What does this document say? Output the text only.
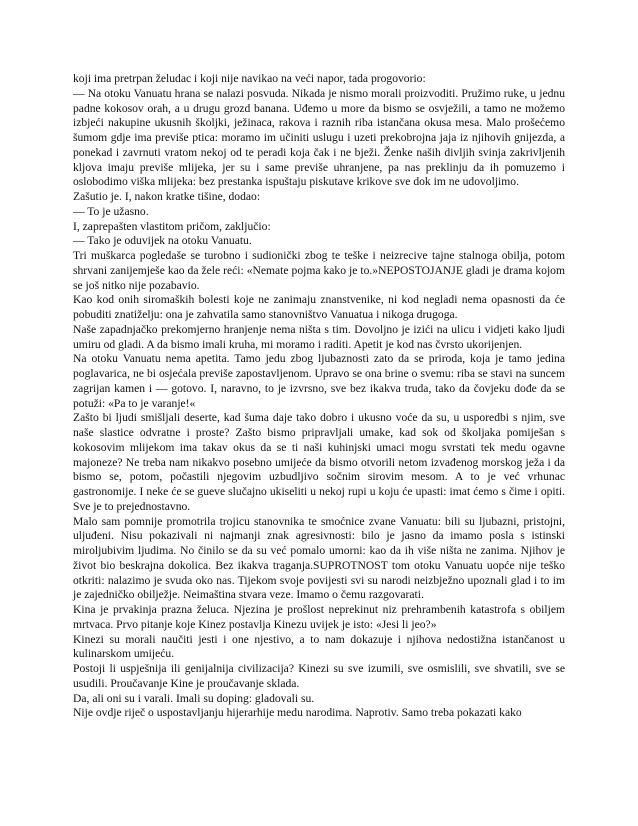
koji ima pretrpan želudac i koji nije navikao na veći napor, tada progovorio:

— Na otoku Vanuatu hrana se nalazi posvuda. Nikada je nismo morali proizvoditi. Pružimo ruke, u jednu padne kokosov orah, a u drugu grozd banana. Uđemo u more da bismo se osvježili, a tamo ne možemo izbjeći nakupine ukusnih školjki, ježinaca, rakova i raznih riba istančana okusa mesa. Malo prošećemo šumom gdje ima previše ptica: moramo im učiniti uslugu i uzeti prekobrojna jaja iz njihovih gnijezda, a ponekad i zavrnuti vratom nekoj od te peradi koja čak i ne bježi. Ženke naših divljih svinja zakrivljenih kljova imaju previše mlijeka, jer su i same previše uhranjene, pa nas preklinju da ih pomuzemo i oslobodimo viška mlijeka: bez prestanka ispuštaju piskutave krikove sve dok im ne udovoljimo.

Zašutio je. I, nakon kratke tišine, dodao:

— To je užasno.

I, zaprepašten vlastitom pričom, zaključio:

— Tako je oduvijek na otoku Vanuatu.

Tri muškarca pogledaše se turobno i sudionički zbog te teške i neizrecive tajne stalnoga obilja, potom shrvani zanijemješe kao da žele reći: «Nemate pojma kako je to.»NEPOSTOJANJE gladi je drama kojom se još nitko nije pozabavio.

Kao kod onih siromaških bolesti koje ne zanimaju znanstvenike, ni kod negladi nema opasnosti da će pobuditi znatiželju: ona je zahvatila samo stanovništvo Vanuatua i nikoga drugoga.

Naše zapadnjačko prekomjerno hranjenje nema ništa s tim. Dovoljno je izići na ulicu i vidjeti kako ljudi umiru od gladi. A da bismo imali kruha, mi moramo i raditi. Apetit je kod nas čvrsto ukorijenjen.

Na otoku Vanuatu nema apetita. Tamo jedu zbog ljubaznosti zato da se priroda, koja je tamo jedina poglavarica, ne bi osjećala previše zapostavljenom. Upravo se ona brine o svemu: riba se stavi na suncem zagrijan kamen i — gotovo. I, naravno, to je izvrsno, sve bez ikakva truda, tako da čovjeku dođe da se potuži: «Pa to je varanje!«

Zašto bi ljudi smišljali deserte, kad šuma daje tako dobro i ukusno voće da su, u usporedbi s njim, sve naše slastice odvratne i proste? Zašto bismo pripravljali umake, kad sok od školjaka pomiješan s kokosovim mlijekom ima takav okus da se ti naši kuhinjski umaci mogu svrstati tek medu ogavne majoneze? Ne treba nam nikakvo posebno umijeće da bismo otvorili netom izvađenog morskog ježa i da bismo se, potom, počastili njegovim uzbudljivo sočnim sirovim mesom. A to je već vrhunac gastronomije. I neke će se gueve slučajno ukiseliti u nekoj rupi u koju će upasti: imat ćemo s čime i opiti. Sve je to prejednostavno.

Malo sam pomnije promotrila trojicu stanovnika te smoćnice zvane Vanuatu: bili su ljubazni, pristojni, uljuđeni. Nisu pokazivali ni najmanji znak agresivnosti: bilo je jasno da imamo posla s istinski miroljubivim ljudima. No činilo se da su već pomalo umorni: kao da ih više ništa ne zanima. Njihov je život bio beskrajna dokolica. Bez ikakva traganja.SUPROTNOST tom otoku Vanuatu uopće nije teško otkriti: nalazimo je svuda oko nas. Tijekom svoje povijesti svi su narodi neizbježno upoznali glad i to im je zajedničko obilježje. Neimaština stvara veze. Imamo o čemu razgovarati.

Kina je prvakinja prazna želuca. Njezina je prošlost neprekinut niz prehrambenih katastrofa s obiljem mrtvaca. Prvo pitanje koje Kinez postavlja Kinezu uvijek je isto: «Jesi li jeo?»

Kinezi su morali naučiti jesti i one njestivo, a to nam dokazuje i njihova nedostižna istančanost u kulinarskom umijeću.

Postoji li uspješnija ili genijalnija civilizacija? Kinezi su sve izumili, sve osmislili, sve shvatili, sve se usudili. Proučavanje Kine je proučavanje sklada.

Da, ali oni su i varali. Imali su doping: gladovali su.

Nije ovdje riječ o uspostavljanju hijerarhije medu narodima. Naprotiv. Samo treba pokazati kako
